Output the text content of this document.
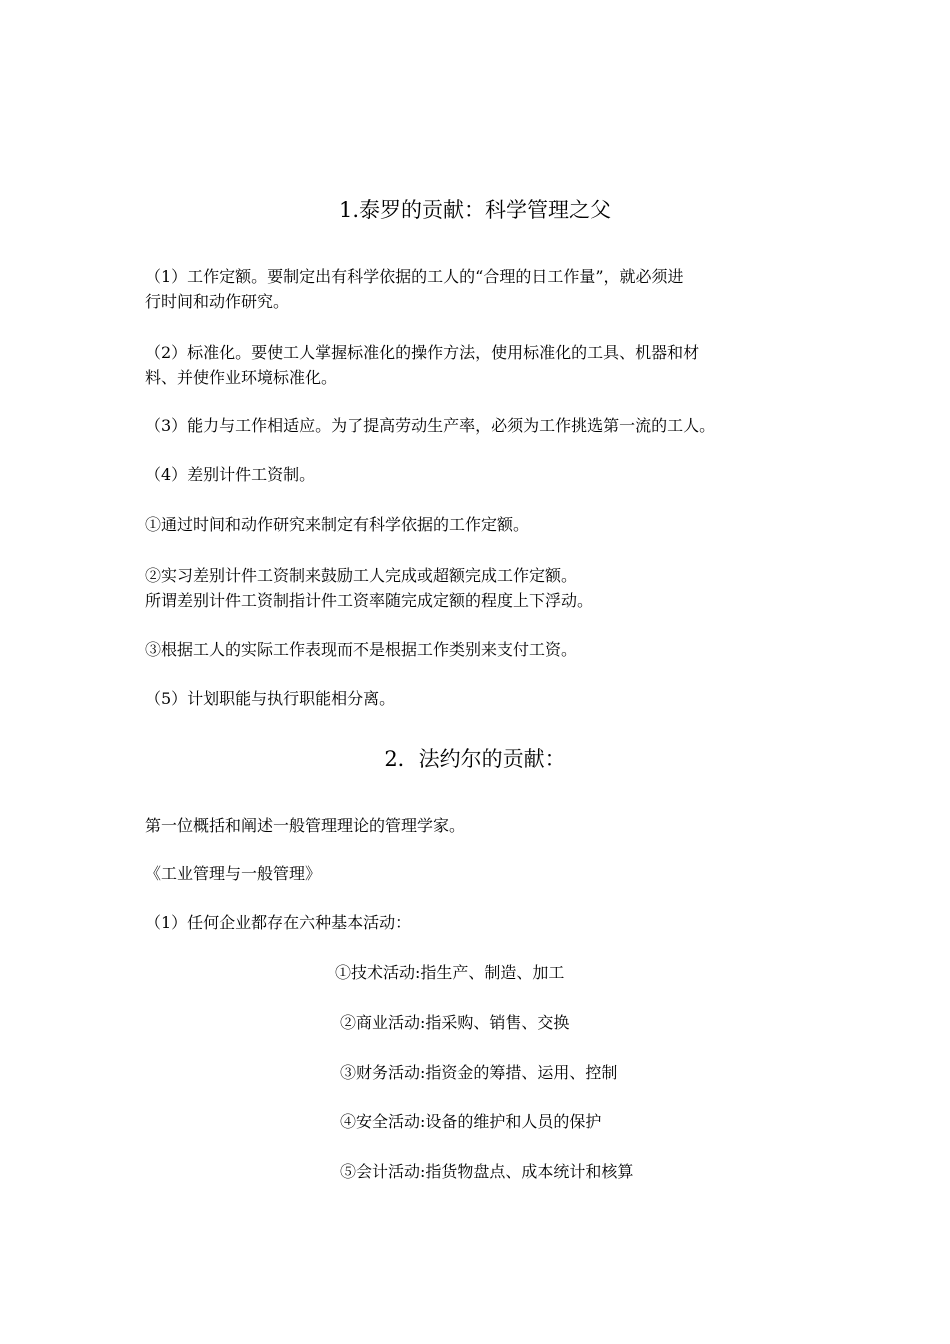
1.泰罗的贡献：科学管理之父

（1）工作定额。要制定出有科学依据的工人的“合理的日工作量”，就必须进

行时间和动作研究。

（2）标准化。要使工人掌握标准化的操作方法，使用标准化的工具、机器和材

料、并使作业环境标准化。

（3）能力与工作相适应。为了提高劳动生产率，必须为工作挑选第一流的工人。

（4）差别计件工资制。

①通过时间和动作研究来制定有科学依据的工作定额。

②实习差别计件工资制来鼓励工人完成或超额完成工作定额。

所谓差别计件工资制指计件工资率随完成定额的程度上下浮动。

③根据工人的实际工作表现而不是根据工作类别来支付工资。

（5）计划职能与执行职能相分离。

2．法约尔的贡献：

第一位概括和阐述一般管理理论的管理学家。

《工业管理与一般管理》

（1）任何企业都存在六种基本活动：

①技术活动:指生产、制造、加工

②商业活动:指采购、销售、交换

③财务活动:指资金的筹措、运用、控制

④安全活动:设备的维护和人员的保护

⑤会计活动:指货物盘点、成本统计和核算
